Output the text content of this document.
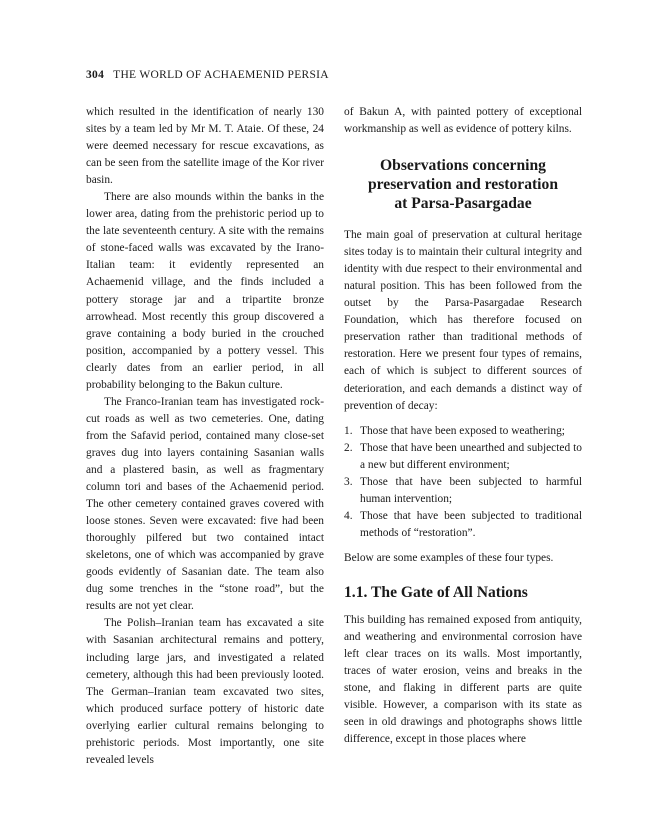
304 THE WORLD OF ACHAEMENID PERSIA

which resulted in the identification of nearly 130 sites by a team led by Mr M. T. Ataie. Of these, 24 were deemed necessary for rescue excavations, as can be seen from the satellite image of the Kor river basin.

There are also mounds within the banks in the lower area, dating from the prehistoric period up to the late seventeenth century. A site with the remains of stone-faced walls was excavated by the Irano-Italian team: it evidently represented an Achaemenid village, and the finds included a pottery storage jar and a tripartite bronze arrowhead. Most recently this group discovered a grave containing a body buried in the crouched position, accompanied by a pottery vessel. This clearly dates from an earlier period, in all probability belonging to the Bakun culture.

The Franco-Iranian team has investigated rock-cut roads as well as two cemeteries. One, dating from the Safavid period, contained many close-set graves dug into layers containing Sasanian walls and a plastered basin, as well as fragmentary column tori and bases of the Achaemenid period. The other cemetery contained graves covered with loose stones. Seven were excavated: five had been thoroughly pilfered but two contained intact skeletons, one of which was accompanied by grave goods evidently of Sasanian date. The team also dug some trenches in the “stone road”, but the results are not yet clear.

The Polish–Iranian team has excavated a site with Sasanian architectural remains and pottery, including large jars, and investigated a related cemetery, although this had been previously looted. The German–Iranian team excavated two sites, which produced surface pottery of historic date overlying earlier cultural remains belonging to prehistoric periods. Most importantly, one site revealed levels

of Bakun A, with painted pottery of exceptional workmanship as well as evidence of pottery kilns.

Observations concerning
preservation and restoration
at Parsa-Pasargadae

The main goal of preservation at cultural heritage sites today is to maintain their cultural integrity and identity with due respect to their environmental and natural position. This has been followed from the outset by the Parsa-Pasargadae Research Foundation, which has therefore focused on preservation rather than traditional methods of restoration. Here we present four types of remains, each of which is subject to different sources of deterioration, and each demands a distinct way of prevention of decay:

1. Those that have been exposed to weathering;
2. Those that have been unearthed and subjected to a new but different environment;
3. Those that have been subjected to harmful human intervention;
4. Those that have been subjected to traditional methods of “restoration”.

Below are some examples of these four types.

1.1. The Gate of All Nations

This building has remained exposed from antiquity, and weathering and environmental corrosion have left clear traces on its walls. Most importantly, traces of water erosion, veins and breaks in the stone, and flaking in different parts are quite visible. However, a comparison with its state as seen in old drawings and photographs shows little difference, except in those places where
